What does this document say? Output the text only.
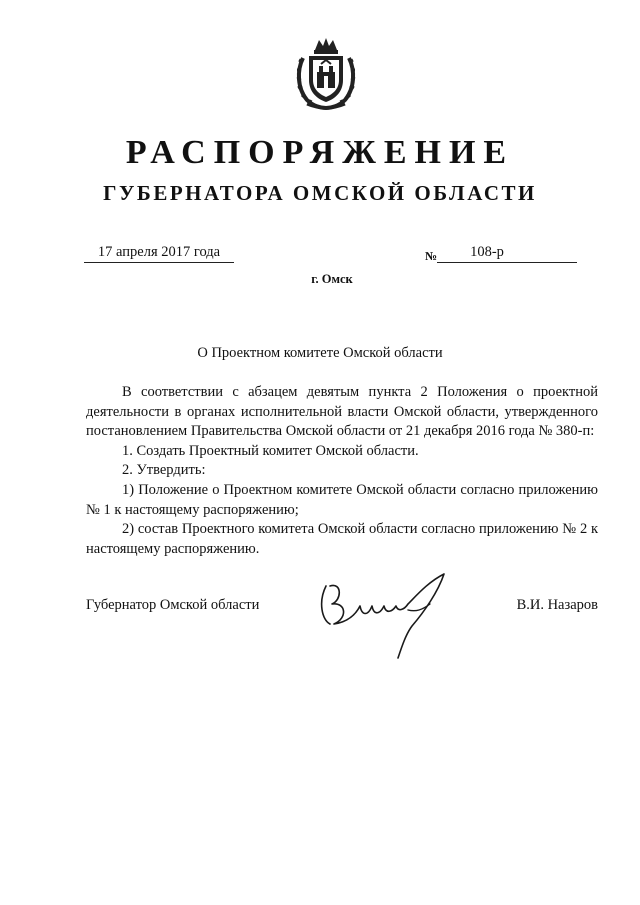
РАСПОРЯЖЕНИЕ
ГУБЕРНАТОРА ОМСКОЙ ОБЛАСТИ
17 апреля 2017 года	№	108-р
г. Омск
О Проектном комитете Омской области

В соответствии с абзацем девятым пункта 2 Положения о проектной деятельности в органах исполнительной власти Омской области, утвержденного постановлением Правительства Омской области от 21 декабря 2016 года № 380-п:

1. Создать Проектный комитет Омской области.

2. Утвердить:

1) Положение о Проектном комитете Омской области согласно приложению № 1 к настоящему распоряжению;

2) состав Проектного комитета Омской области согласно приложению № 2 к настоящему распоряжению.

Губернатор Омской области	В.И. Назаров
